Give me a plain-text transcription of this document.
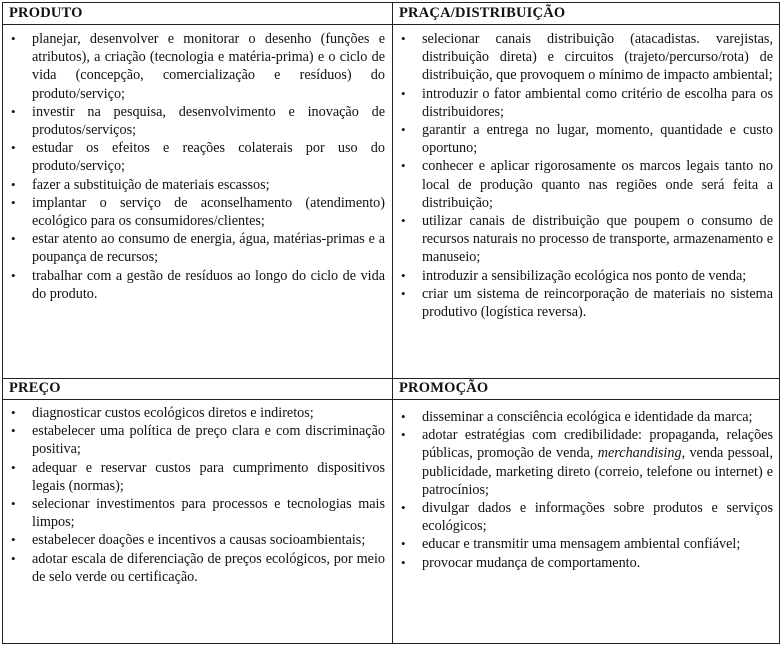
PRODUTO
• planejar, desenvolver e monitorar o desenho (funções e atributos), a criação (tecnologia e matéria-prima) e o ciclo de vida (concepção, comercialização e resíduos) do produto/serviço;
• investir na pesquisa, desenvolvimento e inovação de produtos/serviços;
• estudar os efeitos e reações colaterais por uso do produto/serviço;
• fazer a substituição de materiais escassos;
• implantar o serviço de aconselhamento (atendimento) ecológico para os consumidores/clientes;
• estar atento ao consumo de energia, água, matérias-primas e a poupança de recursos;
• trabalhar com a gestão de resíduos ao longo do ciclo de vida do produto.
PRAÇA/DISTRIBUIÇÃO
• selecionar canais distribuição (atacadistas. varejistas, distribuição direta) e circuitos (trajeto/percurso/rota) de distribuição, que provoquem o mínimo de impacto ambiental;
• introduzir o fator ambiental como critério de escolha para os distribuidores;
• garantir a entrega no lugar, momento, quantidade e custo oportuno;
• conhecer e aplicar rigorosamente os marcos legais tanto no local de produção quanto nas regiões onde será feita a distribuição;
• utilizar canais de distribuição que poupem o consumo de recursos naturais no processo de transporte, armazenamento e manuseio;
• introduzir a sensibilização ecológica nos ponto de venda;
• criar um sistema de reincorporação de materiais no sistema produtivo (logística reversa).
PREÇO
• diagnosticar custos ecológicos diretos e indiretos;
• estabelecer uma política de preço clara e com discriminação positiva;
• adequar e reservar custos para cumprimento dispositivos legais (normas);
• selecionar investimentos para processos e tecnologias mais limpos;
• estabelecer doações e incentivos a causas socioambientais;
• adotar escala de diferenciação de preços ecológicos, por meio de selo verde ou certificação.
PROMOÇÃO
• disseminar a consciência ecológica e identidade da marca;
• adotar estratégias com credibilidade: propaganda, relações públicas, promoção de venda, merchandising, venda pessoal, publicidade, marketing direto (correio, telefone ou internet) e patrocínios;
• divulgar dados e informações sobre produtos e serviços ecológicos;
• educar e transmitir uma mensagem ambiental confiável;
• provocar mudança de comportamento.
